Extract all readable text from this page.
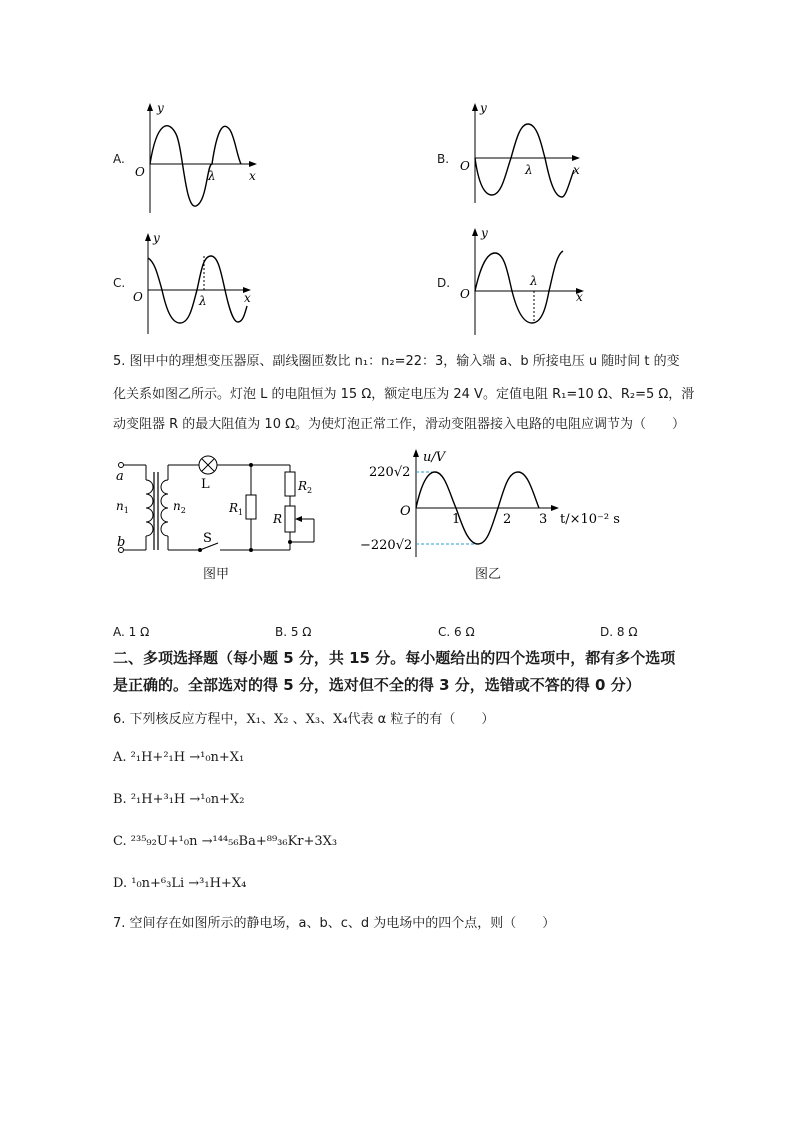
A.
y
O	x
λ
B.
y
O	x
λ
C.
y
O	x
λ
D.
y
O	x
λ
5. 图甲中的理想变压器原、副线圈匝数比 n₁：n₂=22：3，输入端 a、b 所接电压 u 随时间 t 的变
化关系如图乙所示。灯泡 L 的电阻恒为 15 Ω，额定电压为 24 V。定值电阻 R₁=10 Ω、R₂=5 Ω，滑
动变阻器 R 的最大阻值为 10 Ω。为使灯泡正常工作，滑动变阻器接入电路的电阻应调节为（　　）
a
b
$n_1$	$n_2$
L
S
$R_1$
$R_2$
R
图甲
u/V
220√2
−220√2
O
1	2 3 t/×10⁻² s
图乙
A. 1 Ω	B. 5 Ω	C. 6 Ω	D. 8 Ω
二、多项选择题（每小题 5 分，共 15 分。每小题给出的四个选项中，都有多个选项
是正确的。全部选对的得 5 分，选对但不全的得 3 分，选错或不答的得 0 分）
6. 下列核反应方程中，X₁、X₂ 、X₃、X₄代表 α 粒子的有（　　）
A. ²₁H+²₁H →¹₀n+X₁
B. ²₁H+³₁H →¹₀n+X₂
C. ²³⁵₉₂U+¹₀n →¹⁴⁴₅₆Ba+⁸⁹₃₆Kr+3X₃
D. ¹₀n+⁶₃Li →³₁H+X₄
7. 空间存在如图所示的静电场，a、b、c、d 为电场中的四个点，则（　　）
